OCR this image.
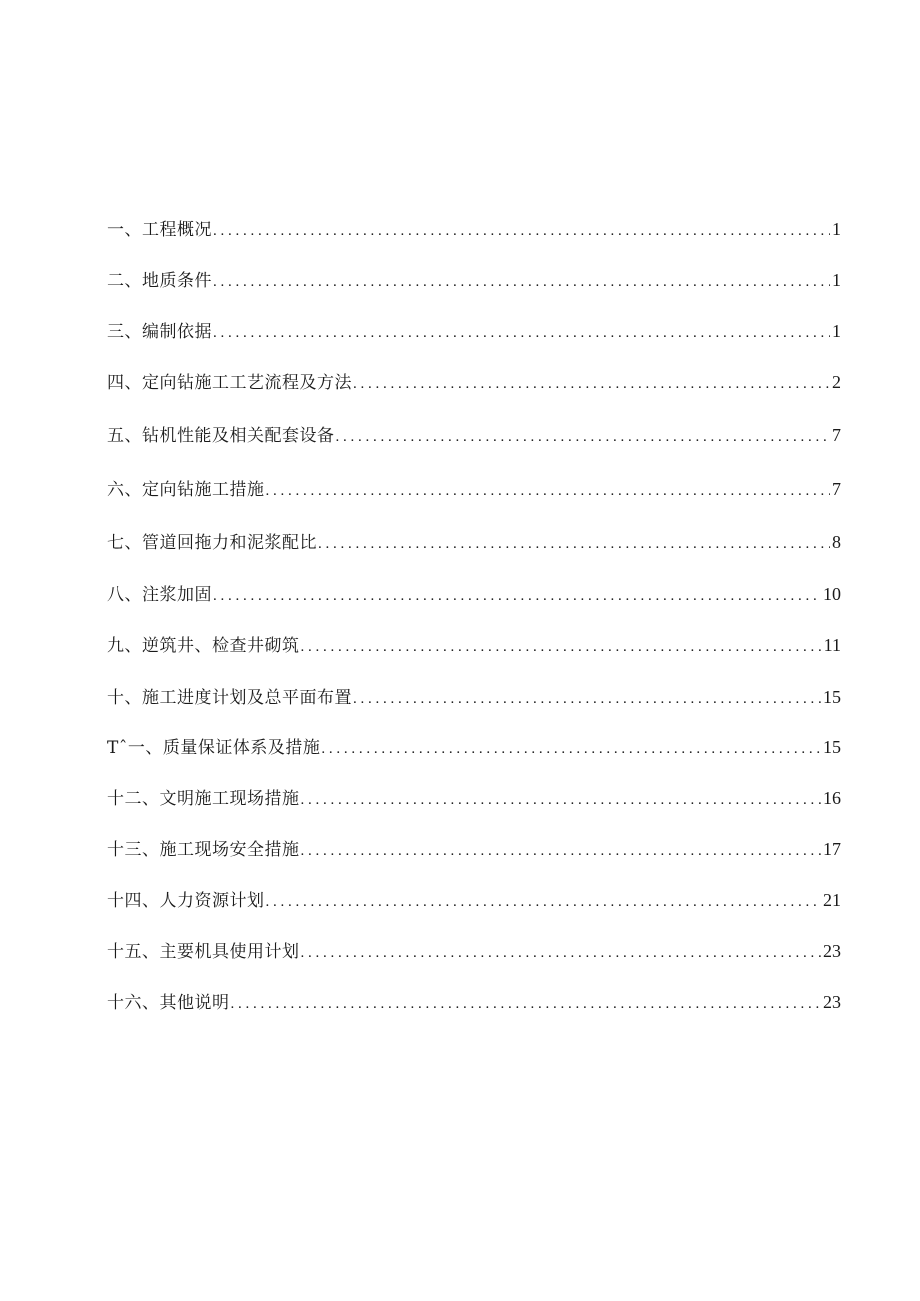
一、工程概况 . . .	1
二、地质条件 . . .	1
三、编制依据 . . .	1
四、定向钻施工工艺流程及方法 . . .	2
五、钻机性能及相关配套设备 . . .	7
六、定向钻施工措施 . . .	7
七、管道回拖力和泥浆配比 . . .	8
八、注浆加固 . . .	10
九、逆筑井、检查井砌筑 . . .	11
十、施工进度计划及总平面布置 . . .	15
Tˆ一、质量保证体系及措施 . . .	15
十二、文明施工现场措施 . . .	16
十三、施工现场安全措施 . . .	17
十四、人力资源计划 . . .	21
十五、主要机具使用计划 . . .	23
十六、其他说明 . . .	23
